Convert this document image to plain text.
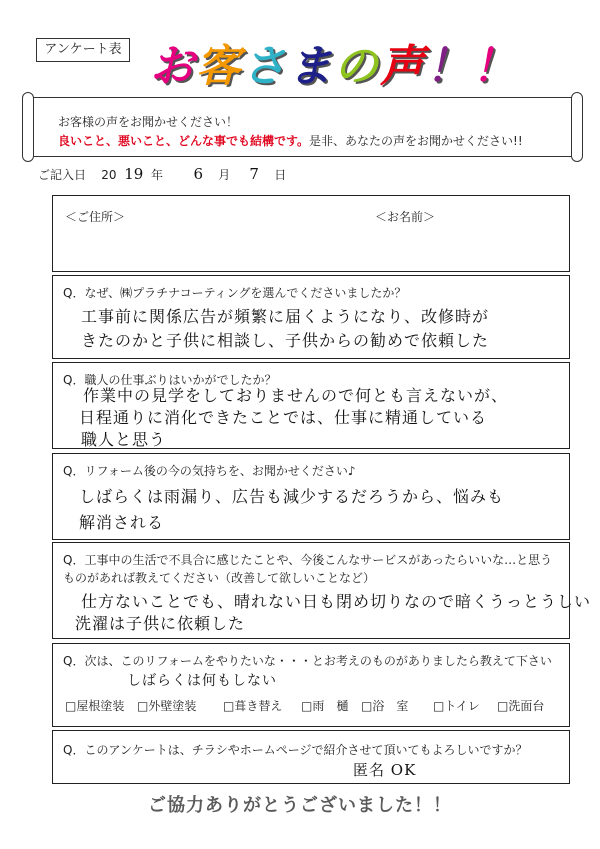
アンケート表 お客さまの声！！
お客様の声をお聞かせください！
良いこと、悪いこと、どんな事でも結構です。是非、あなたの声をお聞かせください!!
ご記入日 20 19 年 6 月 7 日
＜ご住所＞	＜お名前＞
Q．なぜ、㈱プラチナコーティングを選んでくださいましたか？
工事前に関係広告が頻繁に届くようになり、改修時が
きたのかと子供に相談し、子供からの勧めで依頼した
Q．職人の仕事ぶりはいかがでしたか？
作業中の見学をしておりませんので何とも言えないが、
日程通りに消化できたことでは、仕事に精通している
職人と思う
Q．リフォーム後の今の気持ちを、お聞かせください♪
しばらくは雨漏り、広告も減少するだろうから、悩みも
解消される
Q．工事中の生活で不具合に感じたことや、今後こんなサービスがあったらいいな…と思う
ものがあれば教えてください（改善して欲しいことなど）
仕方ないことでも、晴れない日も閉め切りなので暗くうっとうしい
洗濯は子供に依頼した
Q．次は、このリフォームをやりたいな・・・とお考えのものがありましたら教えて下さい
しばらくは何もしない
□屋根塗装 □外壁塗装 □葺き替え □雨　樋 □浴　室 □トイレ □洗面台
Q．このアンケートは、チラシやホームページで紹介させて頂いてもよろしいですか？
匿名 OK
ご協力ありがとうございました！！
